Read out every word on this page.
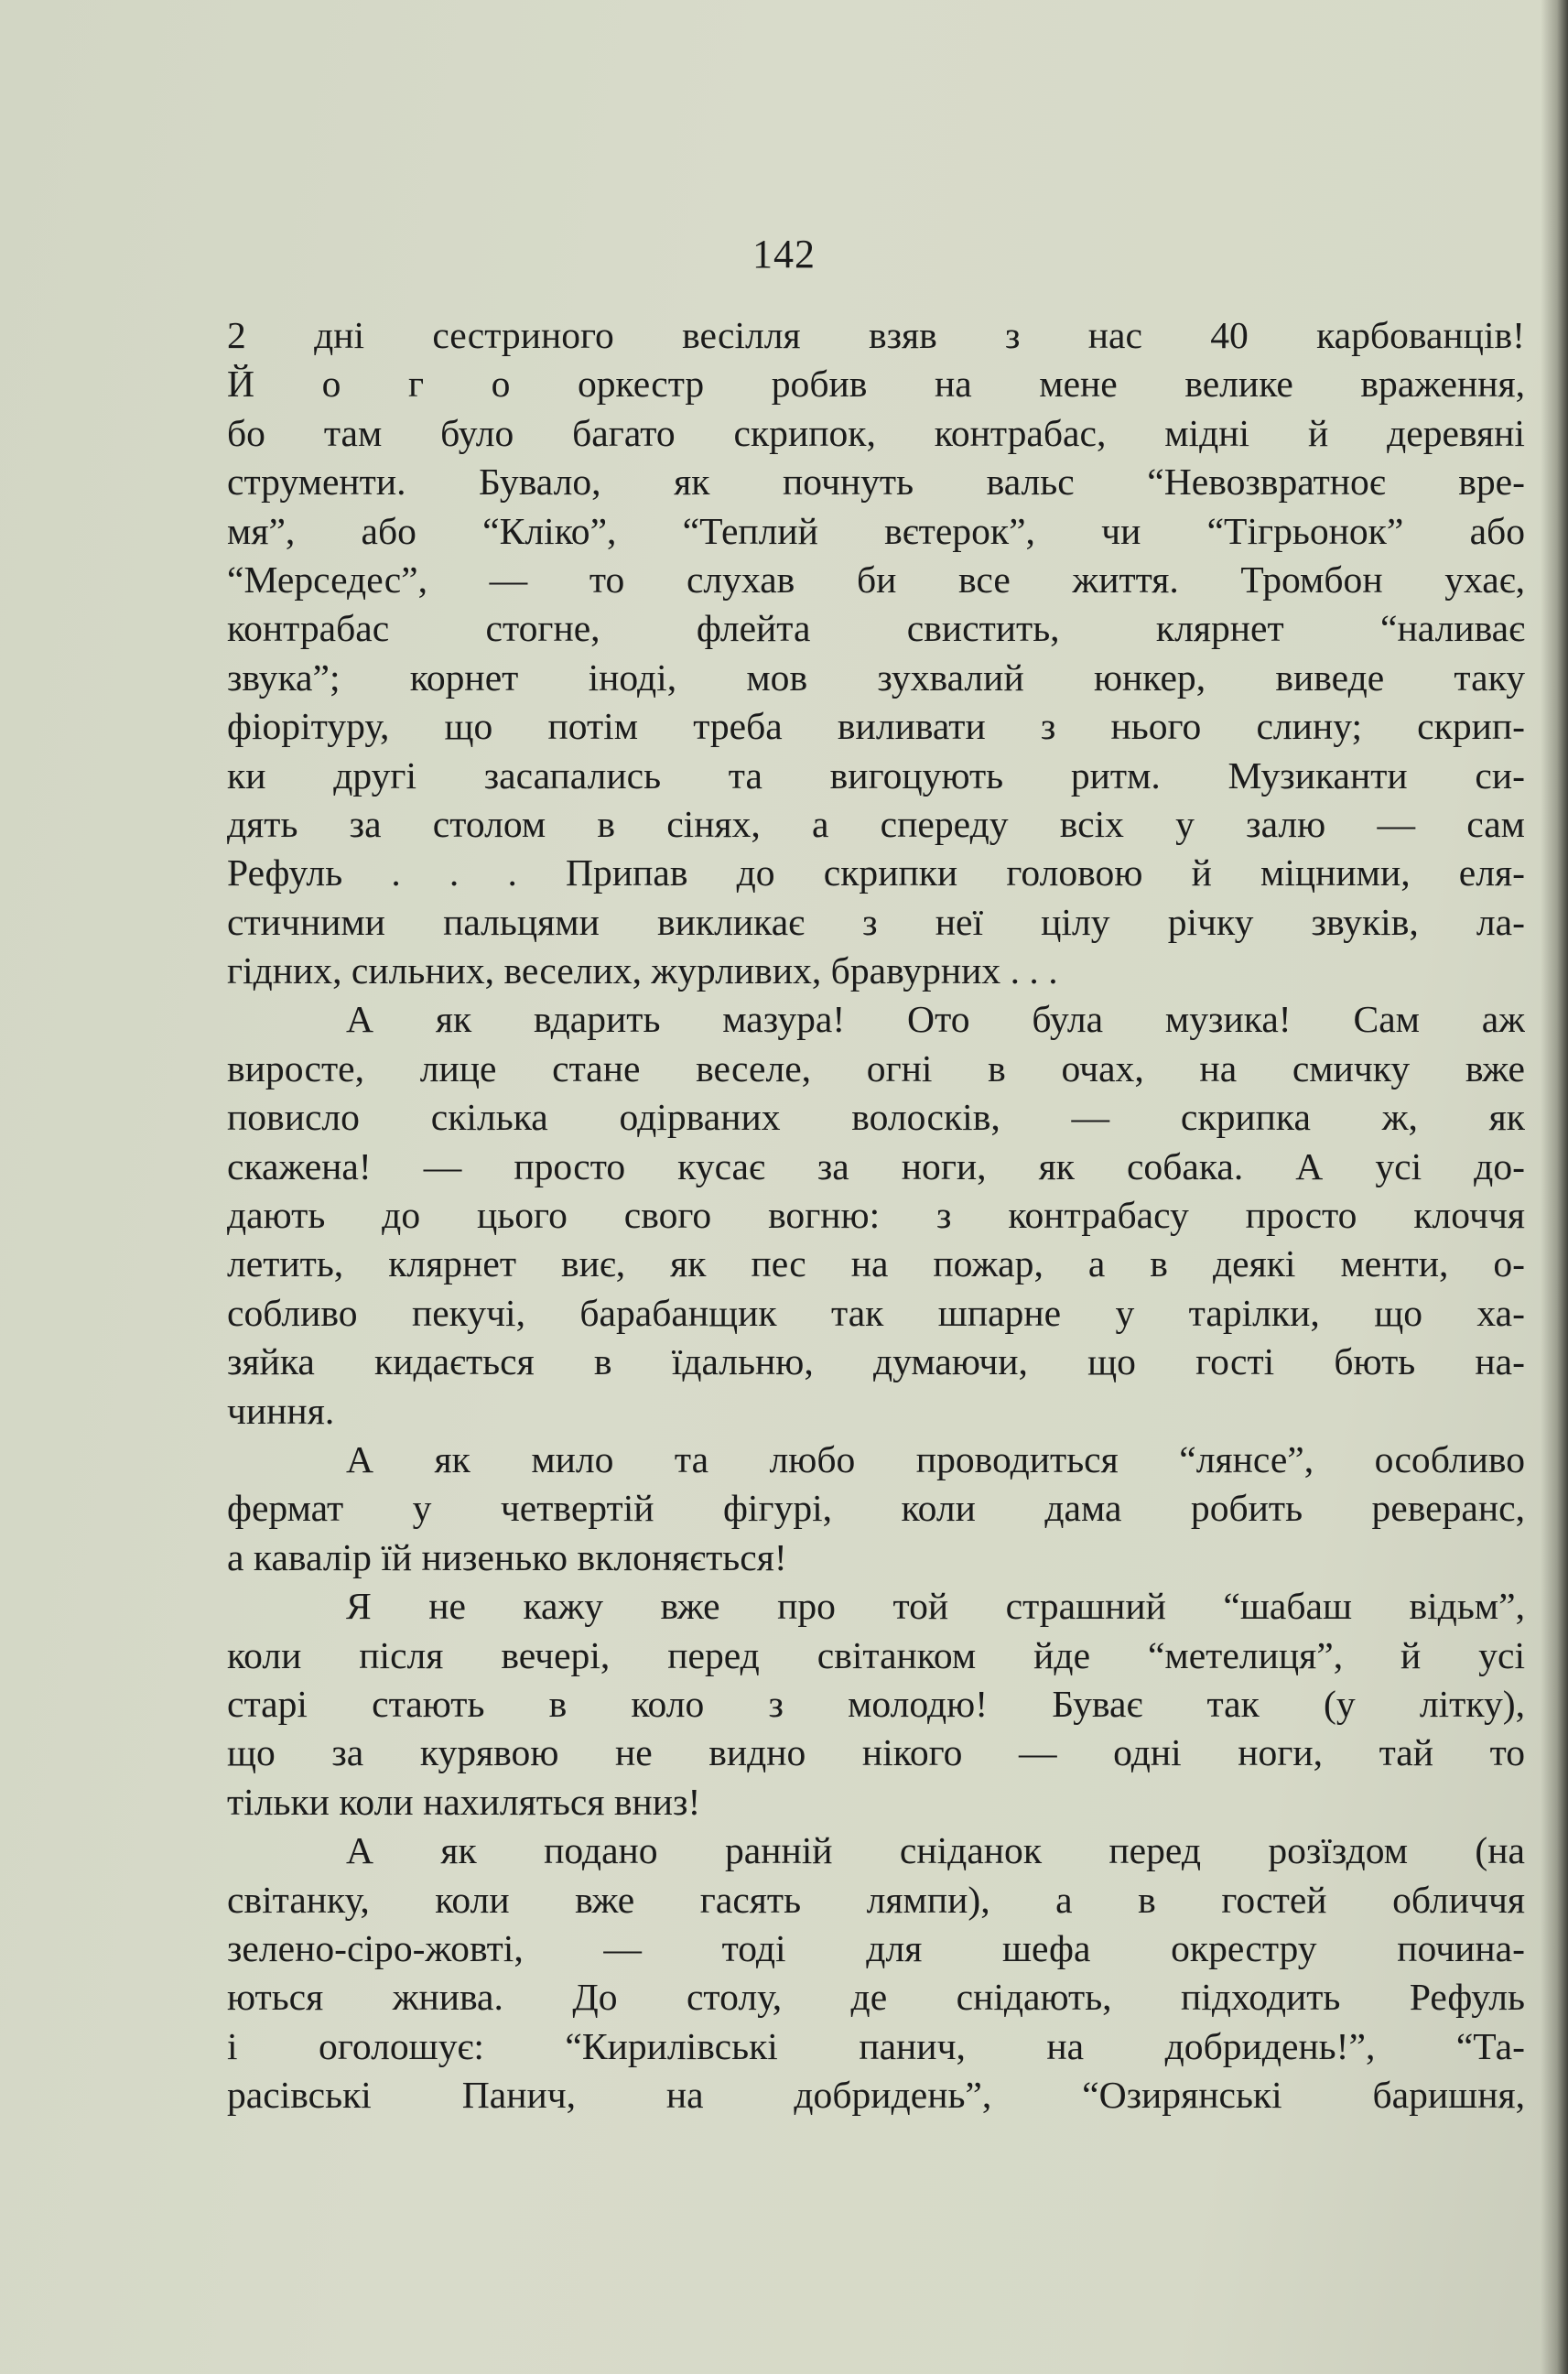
142
2 дні сестриного весілля взяв з нас 40 карбованців!
Й о г о оркестр робив на мене велике враження,
бо там було багато скрипок, контрабас, мідні й деревяні
струменти. Бувало, як почнуть вальс “Невозвратноє вре-
мя”, або “Кліко”, “Теплий вєтерок”, чи “Тігрьонок” або
“Мерседес”, — то слухав би все життя. Тромбон ухає,
контрабас стогне, флейта свистить, клярнет “наливає
звука”; корнет іноді, мов зухвалий юнкер, виведе таку
фіорітуру, що потім треба виливати з нього слину; скрип-
ки другі засапались та вигоцують ритм. Музиканти си-
дять за столом в сінях, а спереду всіх у залю — сам
Рефуль . . . Припав до скрипки головою й міцними, еля-
стичними пальцями викликає з неї цілу річку звуків, ла-
гідних, сильних, веселих, журливих, бравурних . . .
А як вдарить мазура! Ото була музика! Сам аж
виросте, лице стане веселе, огні в очах, на смичку вже
повисло скілька одірваних волосків, — скрипка ж, як
скажена! — просто кусає за ноги, як собака. А усі до-
дають до цього свого вогню: з контрабасу просто клоччя
летить, клярнет виє, як пес на пожар, а в деякі менти, о-
собливо пекучі, барабанщик так шпарне у тарілки, що ха-
зяйка кидається в їдальню, думаючи, що гості бють на-
чиння.
А як мило та любо проводиться “лянсе”, особливо
фермат у четвертій фігурі, коли дама робить реверанс,
а кавалір їй низенько вклоняється!
Я не кажу вже про той страшний “шабаш відьм”,
коли після вечері, перед світанком йде “метелиця”, й усі
старі стають в коло з молодю! Буває так (у літку),
що за курявою не видно нікого — одні ноги, тай то
тільки коли нахиляться вниз!
А як подано ранній сніданок перед розїздом (на
світанку, коли вже гасять лямпи), а в гостей обличчя
зелено-сіро-жовті, — тоді для шефа окрестру почина-
ються жнива. До столу, де снідають, підходить Рефуль
і оголошує: “Кирилівські панич, на добридень!”, “Та-
расівські Панич, на добридень”, “Озирянські баришня,
